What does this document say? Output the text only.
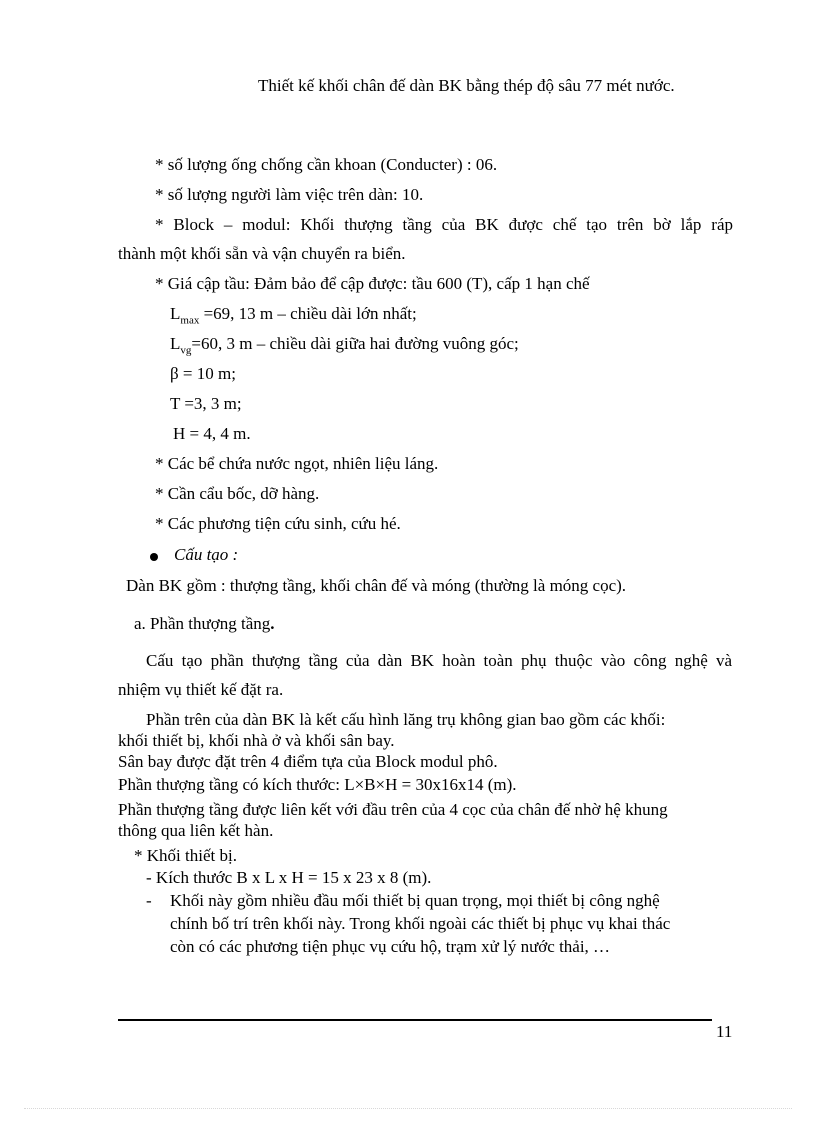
Thiết kế khối chân đế dàn BK bằng thép độ sâu 77 mét nước.
* số lượng ống chống cần khoan (Conducter) : 06.
* số lượng người làm việc trên dàn: 10.
* Block – modul: Khối thượng tầng của BK được chế tạo trên bờ lắp ráp
thành một khối sẵn và vận chuyển ra biển.
* Giá cập tầu: Đảm bảo để cập được: tầu 600 (T), cấp 1 hạn chế
$L_{max} =69$, 13 m – chiều dài lớn nhất;
$L_{vg}=60$, 3 m – chiều dài giữa hai đường vuông góc;
β = 10 m;
T =3, 3 m;
H = 4, 4 m.
* Các bể chứa nước ngọt, nhiên liệu láng.
* Cần cẩu bốc, dỡ hàng.
* Các phương tiện cứu sinh, cứu hé.
Cấu tạo :
Dàn BK gồm : thượng tầng, khối chân đế và móng (thường là móng cọc).
a. Phần thượng tầng.
Cấu tạo phần thượng tầng của dàn BK hoàn toàn phụ thuộc vào công nghệ và
nhiệm vụ thiết kế đặt ra.
Phần trên của dàn BK là kết cấu hình lăng trụ không gian bao gồm các khối:
khối thiết bị, khối nhà ở và khối sân bay.
Sân bay được đặt trên 4 điểm tựa của Block modul phô.
Phần thượng tầng có kích thước: L×B×H = 30x16x14 (m).
Phần thượng tầng được liên kết với đầu trên của 4 cọc của chân đế nhờ hệ khung
thông qua liên kết hàn.
* Khối thiết bị.
- Kích thước B x L x H = 15 x 23 x 8 (m).
- Khối này gồm nhiều đầu mối thiết bị quan trọng, mọi thiết bị công nghệ
chính bố trí trên khối này. Trong khối ngoài các thiết bị phục vụ khai thác
còn có các phương tiện phục vụ cứu hộ, trạm xử lý nước thải, …
11
